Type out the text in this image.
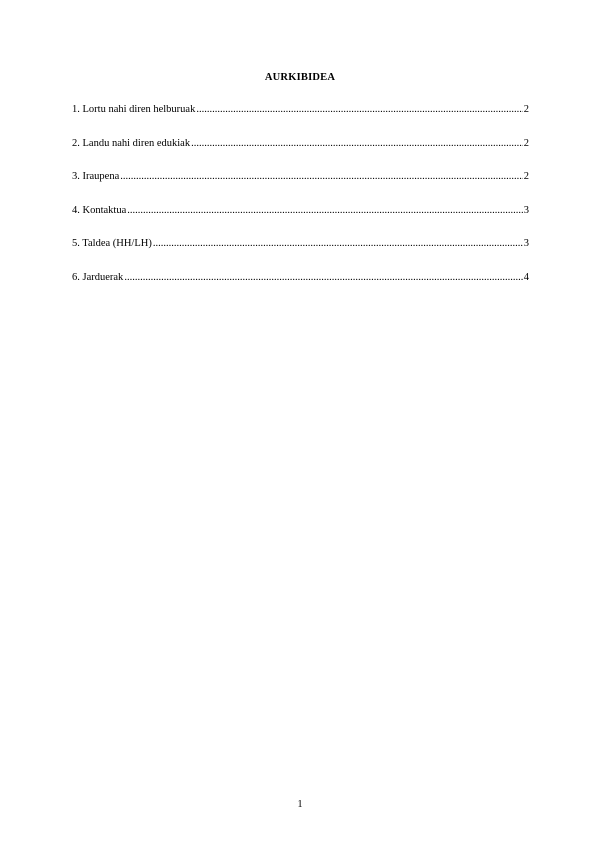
AURKIBIDEA
1. Lortu nahi diren helburuak .....	2
2. Landu nahi diren edukiak .....	2
3. Iraupena .....	2
4. Kontaktua .....	3
5. Taldea (HH/LH) .....	3
6. Jarduerak .....	4
1
